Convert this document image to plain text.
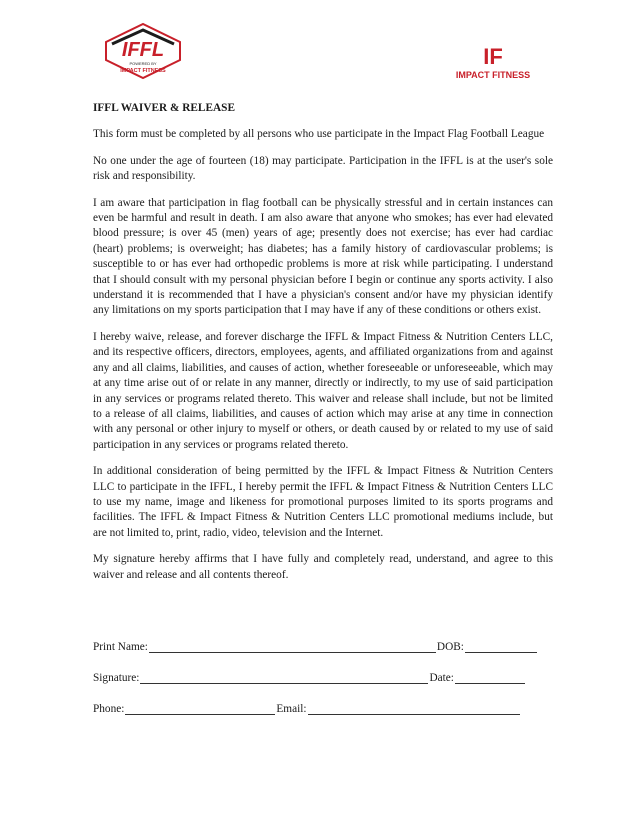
IFFL
POWERED BY
IMPACT FITNESS
IF
IMPACT FITNESS
IFFL WAIVER & RELEASE

This form must be completed by all persons who use participate in the Impact Flag Football League

No one under the age of fourteen (18) may participate. Participation in the IFFL is at the user's sole risk and responsibility.

I am aware that participation in flag football can be physically stressful and in certain instances can even be harmful and result in death. I am also aware that anyone who smokes; has ever had elevated blood pressure; is over 45 (men) years of age; presently does not exercise; has ever had cardiac (heart) problems; is overweight; has diabetes; has a family history of cardiovascular problems; is susceptible to or has ever had orthopedic problems is more at risk while participating. I understand that I should consult with my personal physician before I begin or continue any sports activity. I also understand it is recommended that I have a physician's consent and/or have my physician identify any limitations on my sports participation that I may have if any of these conditions or others exist.

I hereby waive, release, and forever discharge the IFFL & Impact Fitness & Nutrition Centers LLC, and its respective officers, directors, employees, agents, and affiliated organizations from and against any and all claims, liabilities, and causes of action, whether foreseeable or unforeseeable, which may at any time arise out of or relate in any manner, directly or indirectly, to my use of said participation in any services or programs related thereto. This waiver and release shall include, but not be limited to a release of all claims, liabilities, and causes of action which may arise at any time in connection with any personal or other injury to myself or others, or death caused by or related to my use of said participation in any services or programs related thereto.

In additional consideration of being permitted by the IFFL & Impact Fitness & Nutrition Centers LLC to participate in the IFFL, I hereby permit the IFFL & Impact Fitness & Nutrition Centers LLC to use my name, image and likeness for promotional purposes limited to its sports programs and facilities. The IFFL & Impact Fitness & Nutrition Centers LLC promotional mediums include, but are not limited to, print, radio, video, television and the Internet.

My signature hereby affirms that I have fully and completely read, understand, and agree to this waiver and release and all contents thereof.

Print Name:	DOB:
Signature:	Date:
Phone:	Email:
